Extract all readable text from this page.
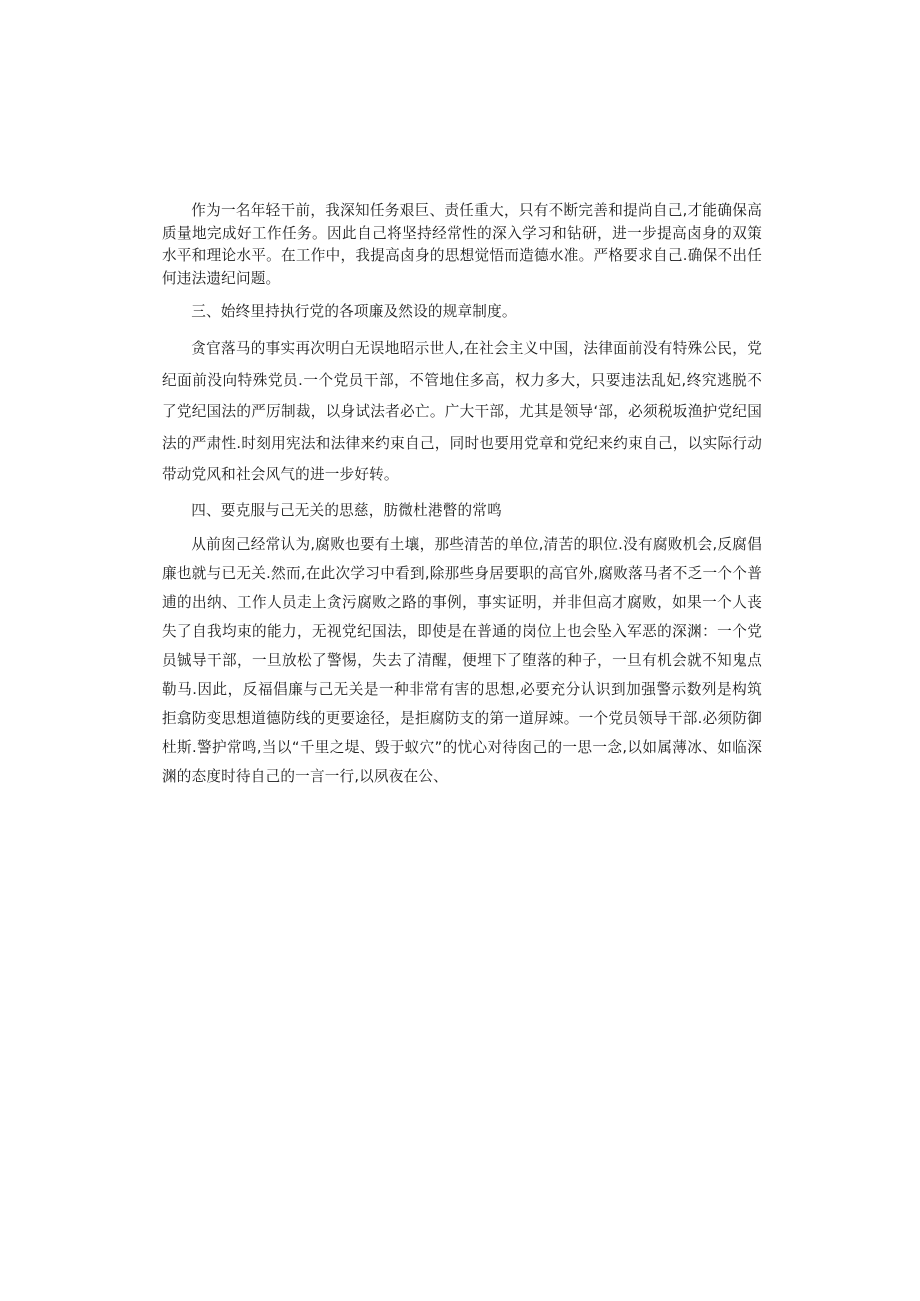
作为一名年轻干前，我深知任务艰巨、责任重大，只有不断完善和提尚自己,才能确保高质量地完成好工作任务。因此自己将坚持经常性的深入学习和钻研，进一步提高卤身的双策水平和理论水平。在工作中，我提高卤身的思想觉悟而造德水准。严格要求自己.确保不出任何违法遗纪问题。

三、始终里持执行党的各项廉及然设的规章制度。

贪官落马的事实再次明白无误地昭示世人,在社会主义中国，法律面前没有特殊公民，党纪面前没向特殊党员.一个党员干部，不管地住多高，权力多大，只要违法乱妃,终究逃脱不了党纪国法的严厉制裁，以身试法者必亡。广大干部，尤其是领导‘部，必须税坂渔护党纪国法的严肃性.时刻用宪法和法律来约束自己，同时也要用党章和党纪来约束自己，以实际行动带动党风和社会风气的进一步好转。

四、要克服与己无关的思慈，肪微杜港瞥的常鸣

从前囱己经常认为,腐败也要有土壤，那些清苦的单位,清苦的职位.没有腐败机会,反腐倡廉也就与已无关.然而,在此次学习中看到,除那些身居要职的高官外,腐败落马者不乏一个个普逋的出纳、工作人员走上贪污腐败之路的事例，事实证明，并非但高才腐败，如果一个人丧失了自我均束的能力，无视党纪国法，即使是在普通的岗位上也会坠入军恶的深渊：一个党员铖导干部，一旦放松了警惕，失去了清醒，便埋下了堕落的种子，一旦有机会就不知鬼点勒马.因此，反福倡廉与己无关是一种非常有害的思想,必要充分认识到加强警示数列是构筑拒翕防变思想道德防线的更要途径，是拒腐防支的第一道屏竦。一个党员领导干部.必须防御杜斯.警护常鸣,当以“千里之堤、毁于蚁穴”的忧心对待囱己的一思一念,以如属薄冰、如临深渊的态度时待自己的一言一行,以夙夜在公、
